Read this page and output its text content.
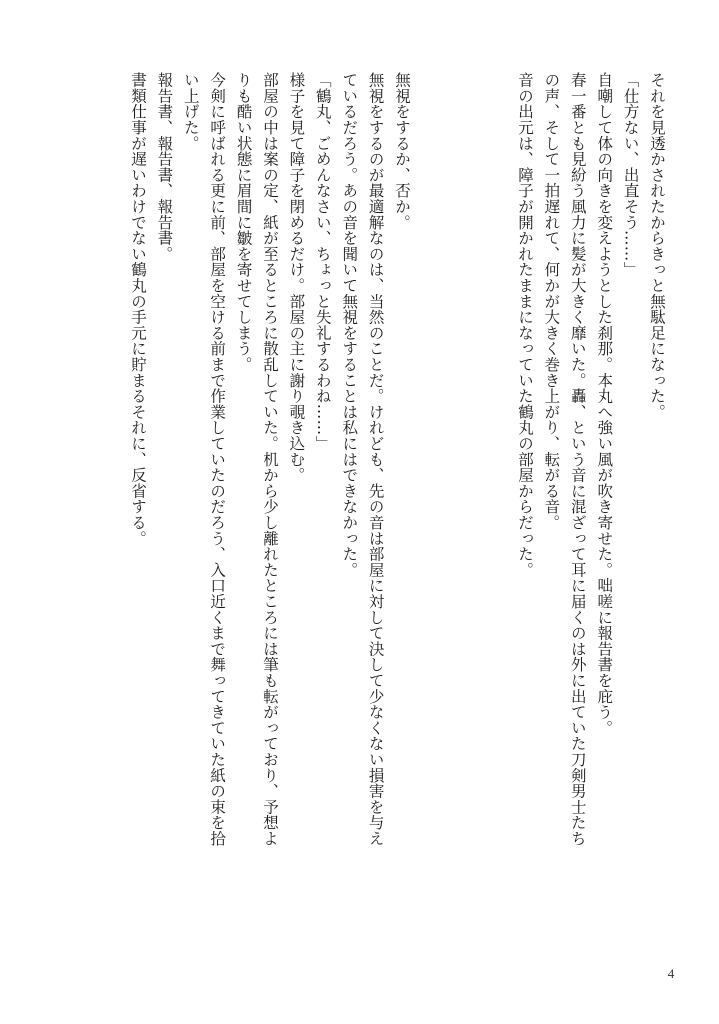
それを見透かされたからきっと無駄足になった。
「仕方ない、出直そう……」
自嘲して体の向きを変えようとした刹那。本丸へ強い風が吹き寄せた。咄嗟に報告書を庇う。
春一番とも見紛う風力に髪が大きく靡いた。轟、という音に混ざって耳に届くのは外に出ていた刀剣男士たち
の声、そして一拍遅れて、何かが大きく巻き上がり、転がる音。
音の出元は、障子が開かれたままになっていた鶴丸の部屋からだった。
無視をするか、否か。
無視をするのが最適解なのは、当然のことだ。けれども、先の音は部屋に対して決して少なくない損害を与え
ているだろう。あの音を聞いて無視をすることは私にはできなかった。
「鶴丸、ごめんなさい、ちょっと失礼するわね……」
様子を見て障子を閉めるだけ。部屋の主に謝り覗き込む。
部屋の中は案の定、紙が至るところに散乱していた。机から少し離れたところには筆も転がっており、予想よ
りも酷い状態に眉間に皺を寄せてしまう。
今剣に呼ばれる更に前、部屋を空ける前まで作業していたのだろう、入口近くまで舞ってきていた紙の束を拾
い上げた。
報告書、報告書、報告書。
書類仕事が遅いわけでない鶴丸の手元に貯まるそれに、反省する。
4
